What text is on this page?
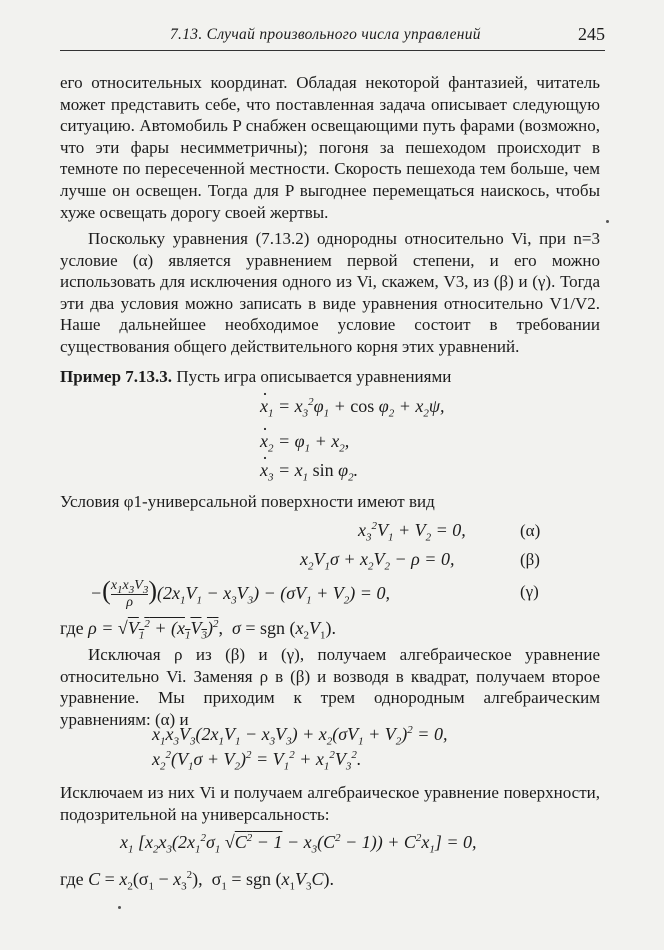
7.13. Случай произвольного числа управлений	245

его относительных координат. Обладая некоторой фантазией, читатель может представить себе, что поставленная задача описывает следующую ситуацию. Автомобиль P снабжен освещающими путь фарами (возможно, что эти фары несимметричны); погоня за пешеходом происходит в темноте по пересеченной местности. Скорость пешехода тем больше, чем лучше он освещен. Тогда для P выгоднее перемещаться наискось, чтобы хуже освещать дорогу своей жертвы.

Поскольку уравнения (7.13.2) однородны относительно Vi, при n=3 условие (α) является уравнением первой степени, и его можно использовать для исключения одного из Vi, скажем, V3, из (β) и (γ). Тогда эти два условия можно записать в виде уравнения относительно V1/V2. Наше дальнейшее необходимое условие состоит в требовании существования общего действительного корня этих уравнений.

Пример 7.13.3. Пусть игра описывается уравнениями
· $x_1 = x_3^2\varphi_1 + \cos \varphi_2 + x_2\psi$,
· $x_2 = \varphi_1 + x_2$,
· $x_3 = x_1$ $\sin \varphi_2$.
Условия φ1-универсальной поверхности имеют вид
$x_3^2V_1 + V_2 = 0$,	(α)
$x_2V_1\sigma + x_2V_2 - \rho = 0$,	(β)
−( $\frac{x_1x_3V_3}{\rho} )(2x_1V_1 - x_3V_3) - (\sigma V_1 + V_2) = 0$,	(γ)
где $\rho = √V_1^2 + (x_1V_3)^2$,  σ = sgn $(x_2V_1)$.

Исключая ρ из (β) и (γ), получаем алгебраическое уравнение относительно Vi. Заменяя ρ в (β) и возводя в квадрат, получаем второе уравнение. Мы приходим к трем однородным алгебраическим уравнениям: (α) и

$x_1x_3V_3(2x_1V_1 - x_3V_3) + x_2(\sigma V_1 + V_2)^2 = 0$,
$x_2^2(V_1\sigma + V_2)^2 = V_1^2 + x_1^2V_3^2$.

Исключаем из них Vi и получаем алгебраическое уравнение поверхности, подозрительной на универсальность:

$x_1$ [$x_2x_3(2x_1^2\sigma_1$ $√C^2 - 1 - x_3(C^2 - 1)) + C^2x_1] = 0$,
где $C = x_2(\sigma_1 - x_3^2)$,  $\sigma_1$ = sgn $(x_1V_3C)$.
